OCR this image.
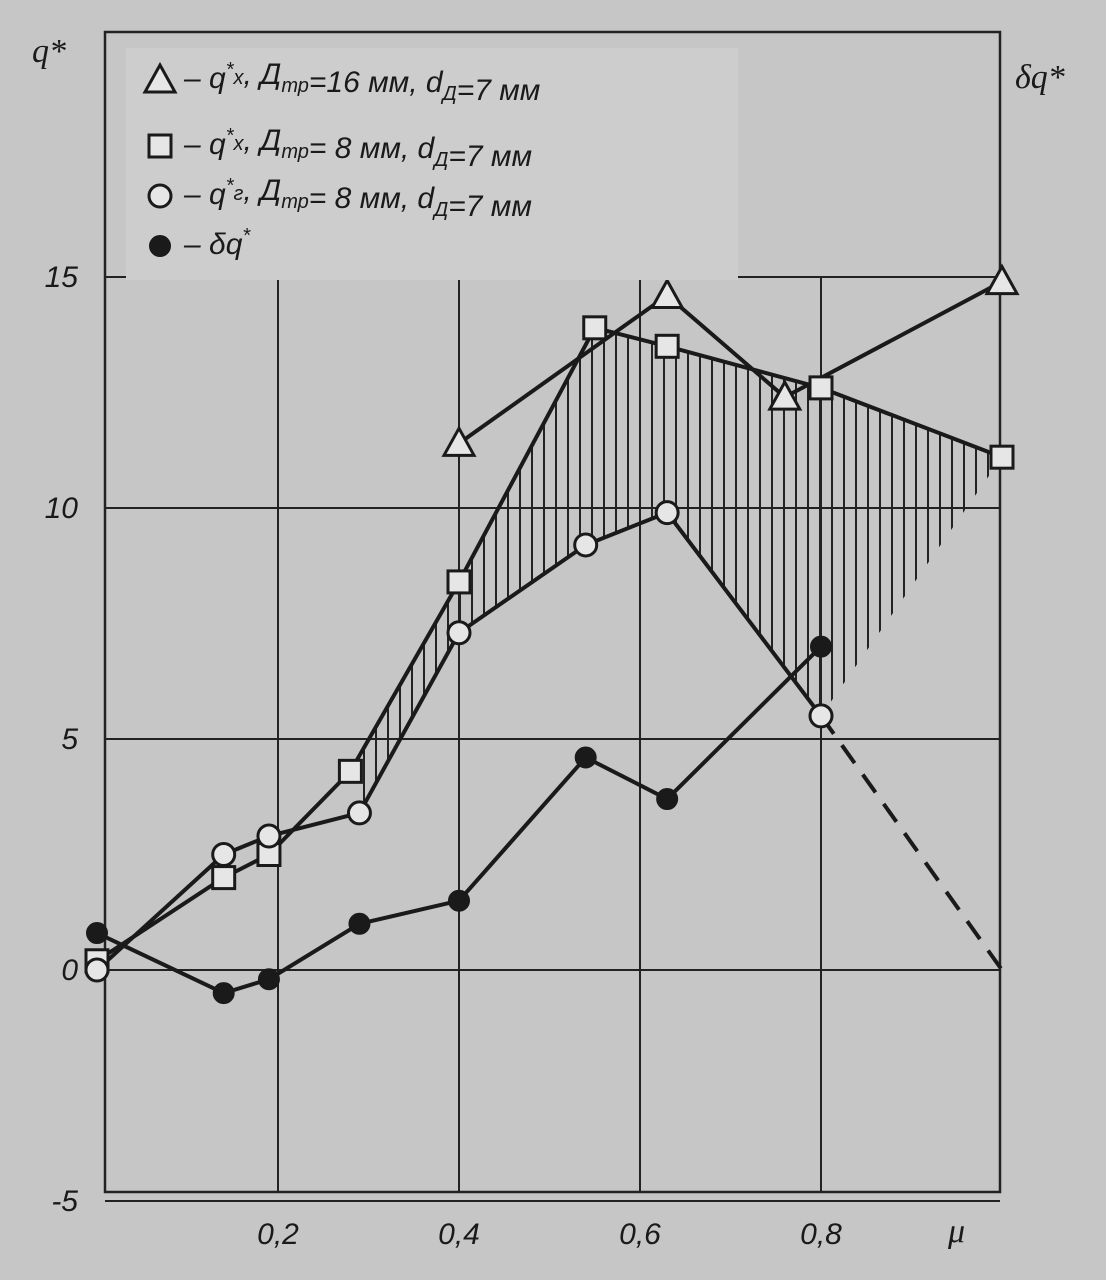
-5
0
5
10
15
0,2	0,4	0,6	0,8
q*
δq*
μ
– $q^*_x$, $Д_{тр}=16$ мм, $d_Д=7$ мм
– $q^*_x$, $Д_{тр}= 8$ мм, $d_Д=7$ мм
– $q^*_г$, $Д_{тр}= 8$ мм, $d_Д=7$ мм
– δq*
